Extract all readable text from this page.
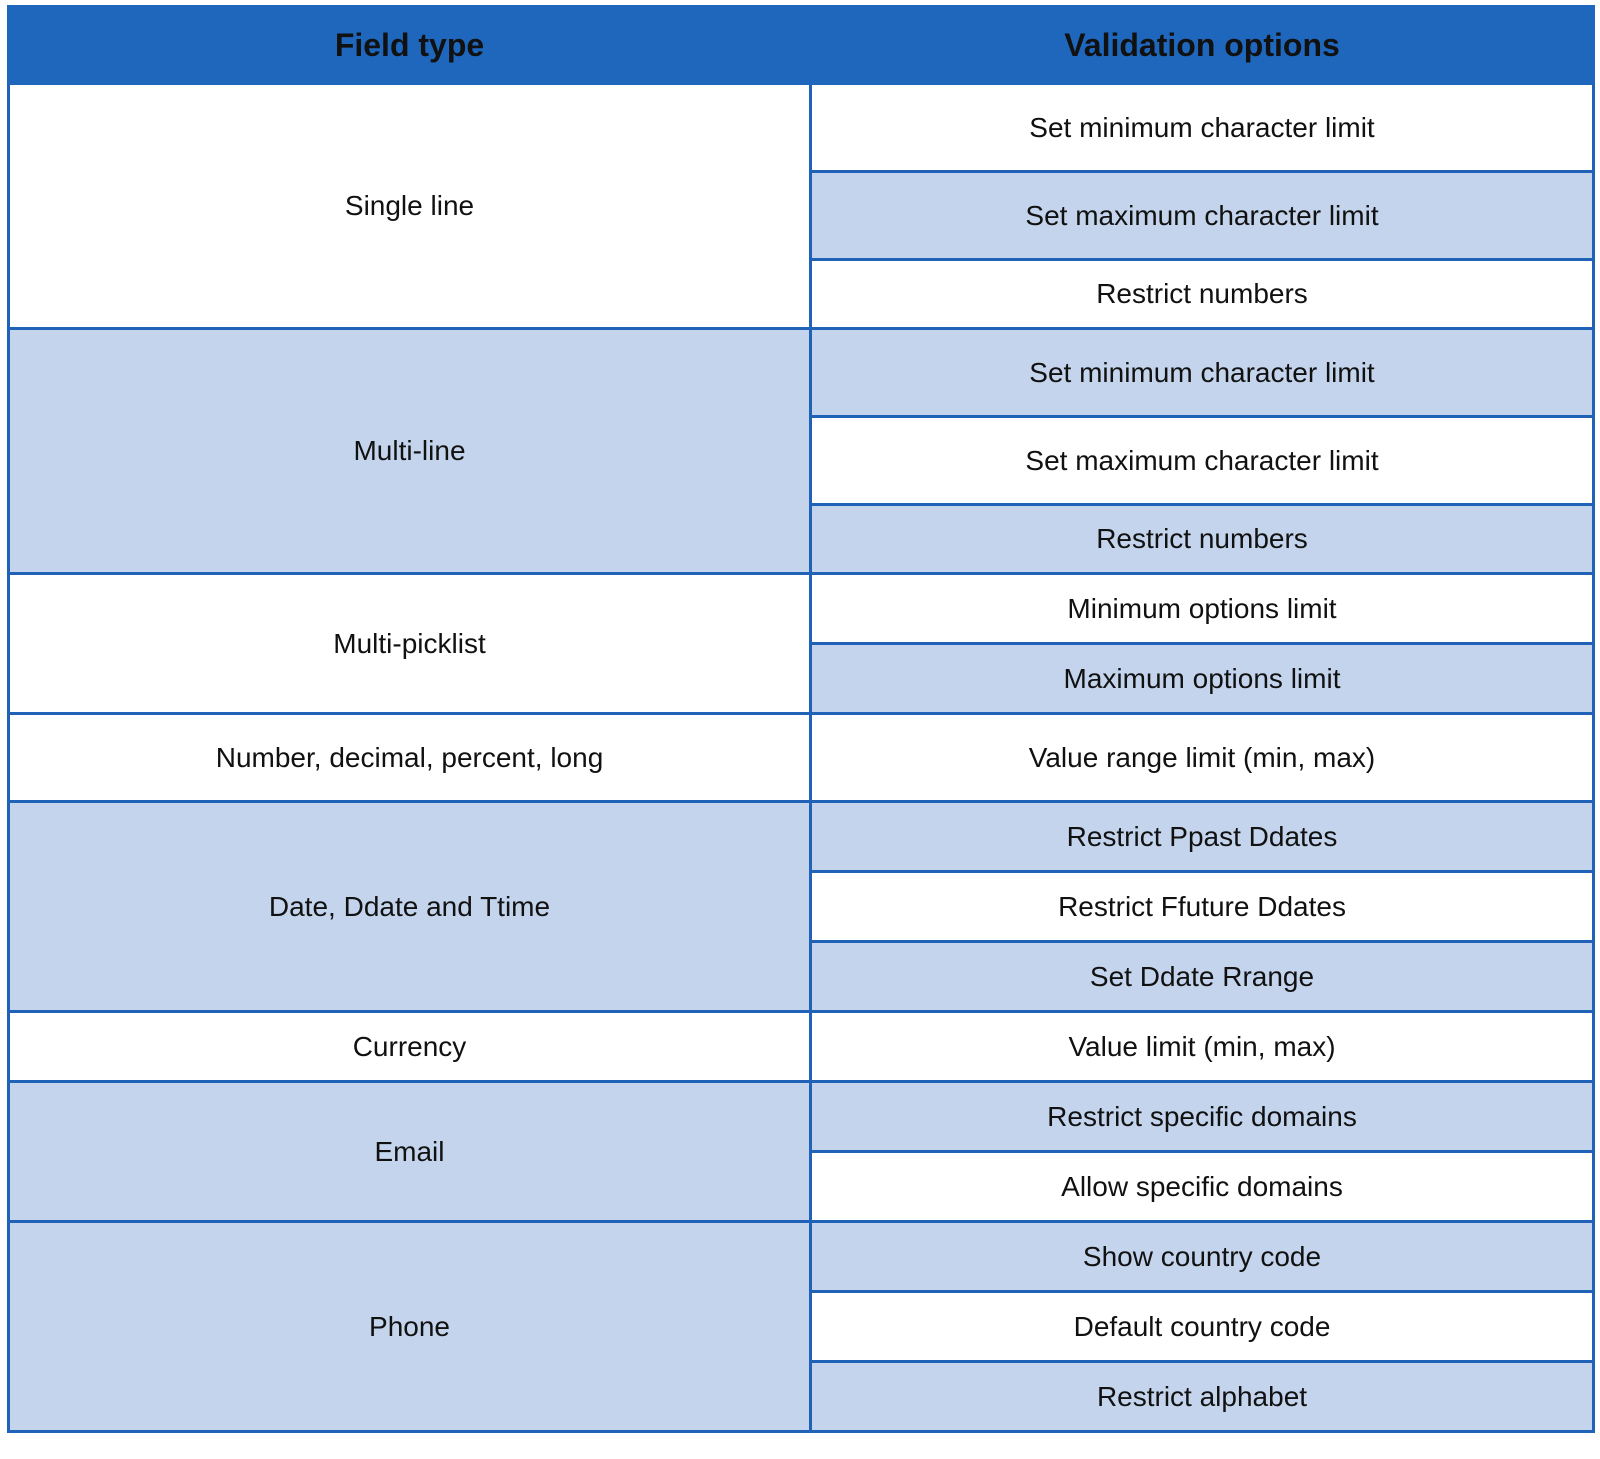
Field type	Validation options
Single line	Set minimum character limit
	Set maximum character limit
	Restrict numbers
Multi-line	Set minimum character limit
	Set maximum character limit
	Restrict numbers
Multi-picklist	Minimum options limit
	Maximum options limit
Number, decimal, percent, long	Value range limit (min, max)
Date, Ddate and Ttime	Restrict Ppast Ddates
	Restrict Ffuture Ddates
	Set Ddate Rrange
Currency	Value limit (min, max)
Email	Restrict specific domains
	Allow specific domains
Phone	Show country code
	Default country code
	Restrict alphabet
